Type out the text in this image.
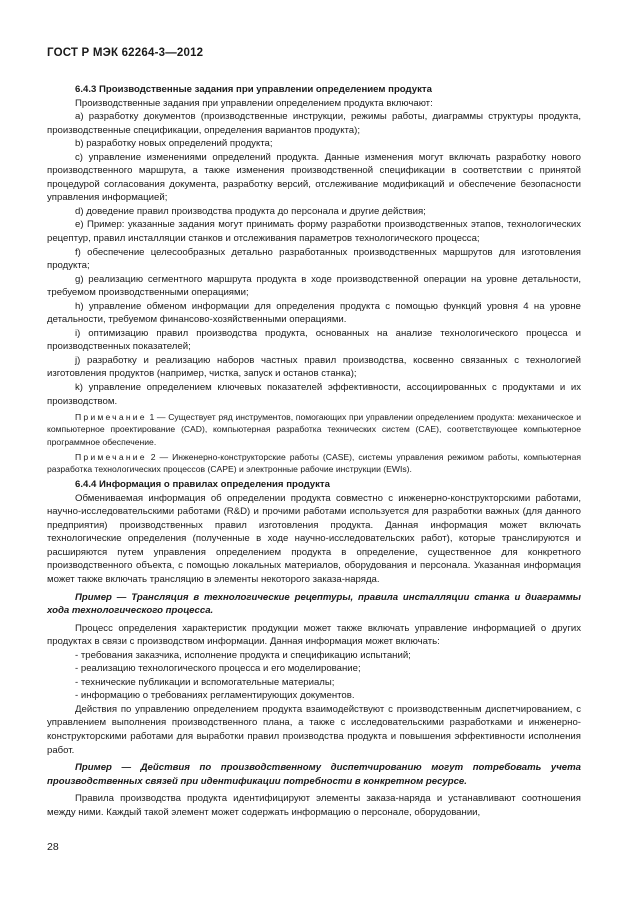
ГОСТ Р МЭК 62264-3—2012

6.4.3 Производственные задания при управлении определением продукта

Производственные задания при управлении определением продукта включают:

a) разработку документов (производственные инструкции, режимы работы, диаграммы структуры продукта, производственные спецификации, определения вариантов продукта);

b) разработку новых определений продукта;

c) управление изменениями определений продукта. Данные изменения могут включать разработку нового производственного маршрута, а также изменения производственной спецификации в соответствии с принятой процедурой согласования документа, разработку версий, отслеживание модификаций и обеспечение безопасности управления информацией;

d) доведение правил производства продукта до персонала и другие действия;

e) Пример: указанные задания могут принимать форму разработки производственных этапов, технологических рецептур, правил инсталляции станков и отслеживания параметров технологического процесса;

f) обеспечение целесообразных детально разработанных производственных маршрутов для изготовления продукта;

g) реализацию сегментного маршрута продукта в ходе производственной операции на уровне детальности, требуемом производственными операциями;

h) управление обменом информации для определения продукта с помощью функций уровня 4 на уровне детальности, требуемом финансово-хозяйственными операциями.

i) оптимизацию правил производства продукта, основанных на анализе технологического процесса и производственных показателей;

j) разработку и реализацию наборов частных правил производства, косвенно связанных с технологией изготовления продуктов (например, чистка, запуск и останов станка);

k) управление определением ключевых показателей эффективности, ассоциированных с продуктами и их производством.

Примечание 1 — Существует ряд инструментов, помогающих при управлении определением продукта: механическое и компьютерное проектирование (CAD), компьютерная разработка технических систем (CAE), соответствующее компьютерное программное обеспечение.

Примечание 2 — Инженерно-конструкторские работы (CASE), системы управления режимом работы, компьютерная разработка технологических процессов (CAPE) и электронные рабочие инструкции (EWIs).

6.4.4 Информация о правилах определения продукта

Обмениваемая информация об определении продукта совместно с инженерно-конструкторскими работами, научно-исследовательскими работами (R&D) и прочими работами используется для разработки важных (для данного предприятия) производственных правил изготовления продукта. Данная информация может включать технологические определения (полученные в ходе научно-исследовательских работ), которые транслируются и расширяются путем управления определением продукта в определение, существенное для конкретного производственного объекта, с помощью локальных материалов, оборудования и персонала. Указанная информация может также включать трансляцию в элементы некоторого заказа-наряда.

Пример — Трансляция в технологические рецептуры, правила инсталляции станка и диаграммы хода технологического процесса.

Процесс определения характеристик продукции может также включать управление информацией о других продуктах в связи с производством информации. Данная информация может включать:

- требования заказчика, исполнение продукта и спецификацию испытаний;

- реализацию технологического процесса и его моделирование;

- технические публикации и вспомогательные материалы;

- информацию о требованиях регламентирующих документов.

Действия по управлению определением продукта взаимодействуют с производственным диспетчированием, с управлением выполнения производственного плана, а также с исследовательскими разработками и инженерно-конструкторскими работами для выработки правил производства продукта и повышения эффективности исполнения работ.

Пример — Действия по производственному диспетчированию могут потребовать учета производственных связей при идентификации потребности в конкретном ресурсе.

Правила производства продукта идентифицируют элементы заказа-наряда и устанавливают соотношения между ними. Каждый такой элемент может содержать информацию о персонале, оборудовании,

28
